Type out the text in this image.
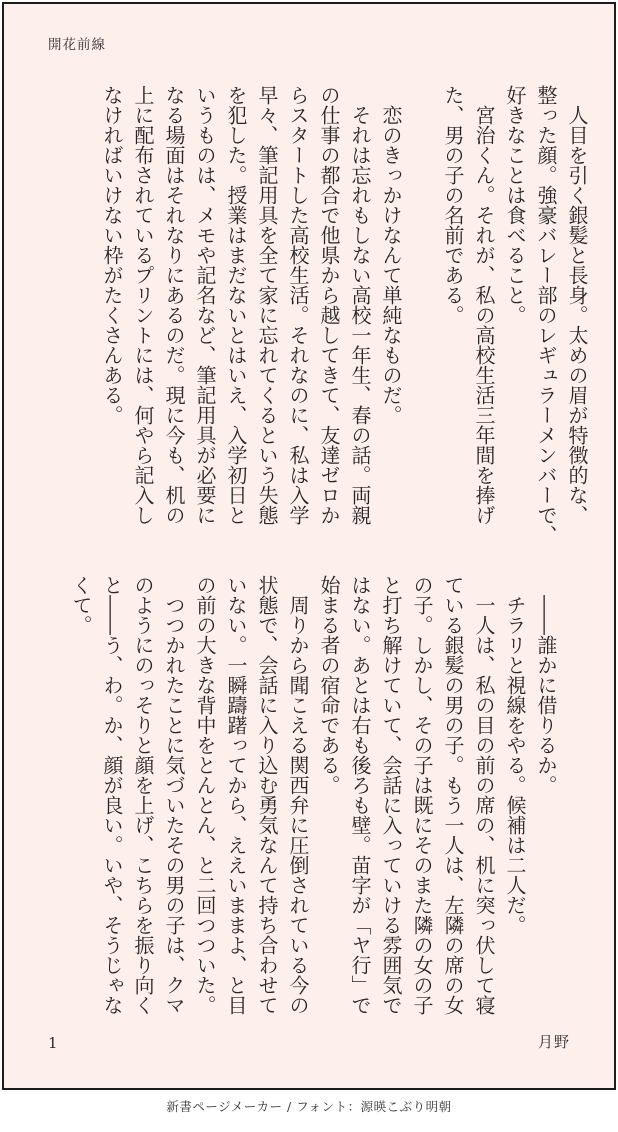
開花前線

　人目を引く銀髪と長身。太めの眉が特徴的な、

整った顔。強豪バレー部のレギュラーメンバーで、

好きなことは食べること。

　宮治くん。それが、私の高校生活三年間を捧げ

た、男の子の名前である。

　恋のきっかけなんて単純なものだ。

　それは忘れもしない高校一年生、春の話。両親

の仕事の都合で他県から越してきて、友達ゼロか

らスタートした高校生活。それなのに、私は入学

早々、筆記用具を全て家に忘れてくるという失態

を犯した。授業はまだないとはいえ、入学初日と

いうものは、メモや記名など、筆記用具が必要に

なる場面はそれなりにあるのだ。現に今も、机の

上に配布されているプリントには、何やら記入し

なければいけない枠がたくさんある。

　――誰かに借りるか。

　チラリと視線をやる。候補は二人だ。

　一人は、私の目の前の席の、机に突っ伏して寝

ている銀髪の男の子。もう一人は、左隣の席の女

の子。しかし、その子は既にそのまた隣の女の子

と打ち解けていて、会話に入っていける雰囲気で

はない。あとは右も後ろも壁。苗字が「ヤ行」で

始まる者の宿命である。

　周りから聞こえる関西弁に圧倒されている今の

状態で、会話に入り込む勇気なんて持ち合わせて

いない。一瞬躊躇ってから、ええいままよ、と目

の前の大きな背中をとんとん、と二回つついた。

　つつかれたことに気づいたその男の子は、クマ

のようにのっそりと顔を上げ、こちらを振り向く

と――う、わ。か、顔が良い。いや、そうじゃな

くて。

1	月野
新書ページメーカー / フォント：源暎こぶり明朝
